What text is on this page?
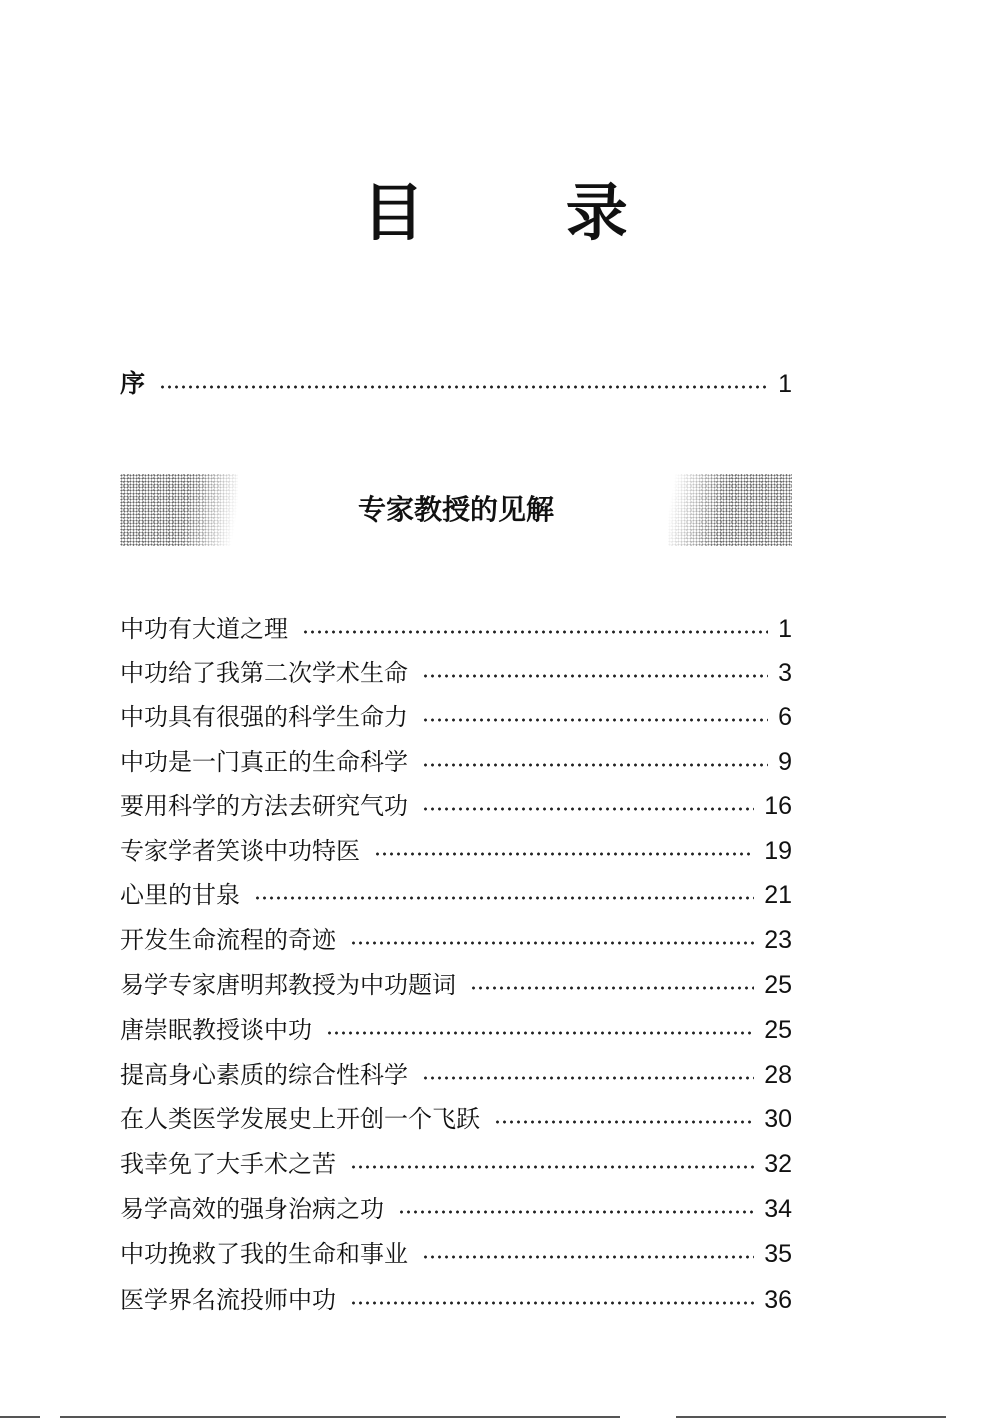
目 录
序	1
专家教授的见解
中功有大道之理	1
中功给了我第二次学术生命	3
中功具有很强的科学生命力	6
中功是一门真正的生命科学	9
要用科学的方法去研究气功	16
专家学者笑谈中功特医	19
心里的甘泉	21
开发生命流程的奇迹	23
易学专家唐明邦教授为中功题词	25
唐崇眠教授谈中功	25
提高身心素质的综合性科学	28
在人类医学发展史上开创一个飞跃	30
我幸免了大手术之苦	32
易学高效的强身治病之功	34
中功挽救了我的生命和事业	35
医学界名流投师中功	36
